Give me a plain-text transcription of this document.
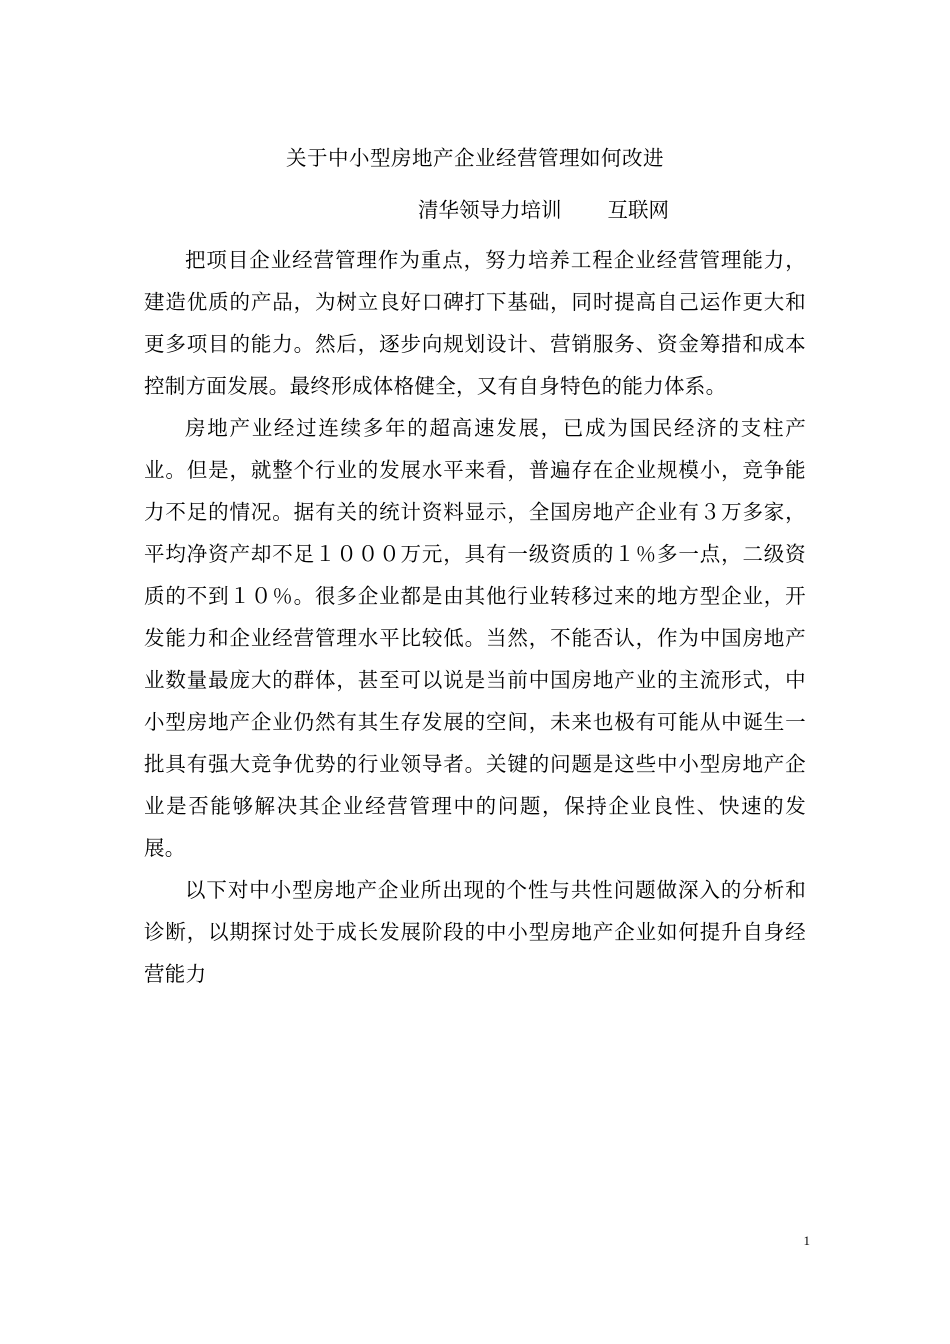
关于中小型房地产企业经营管理如何改进
清华领导力培训 互联网

把项目企业经营管理作为重点，努力培养工程企业经营管理能力，建造优质的产品，为树立良好口碑打下基础，同时提高自己运作更大和更多项目的能力。然后，逐步向规划设计、营销服务、资金筹措和成本控制方面发展。最终形成体格健全，又有自身特色的能力体系。

房地产业经过连续多年的超高速发展，已成为国民经济的支柱产业。但是，就整个行业的发展水平来看，普遍存在企业规模小，竞争能力不足的情况。据有关的统计资料显示，全国房地产企业有３万多家，平均净资产却不足１０００万元，具有一级资质的１％多一点，二级资质的不到１０％。很多企业都是由其他行业转移过来的地方型企业，开发能力和企业经营管理水平比较低。当然，不能否认，作为中国房地产业数量最庞大的群体，甚至可以说是当前中国房地产业的主流形式，中小型房地产企业仍然有其生存发展的空间，未来也极有可能从中诞生一批具有强大竞争优势的行业领导者。关键的问题是这些中小型房地产企业是否能够解决其企业经营管理中的问题，保持企业良性、快速的发展。

以下对中小型房地产企业所出现的个性与共性问题做深入的分析和诊断，以期探讨处于成长发展阶段的中小型房地产企业如何提升自身经营能力

1
